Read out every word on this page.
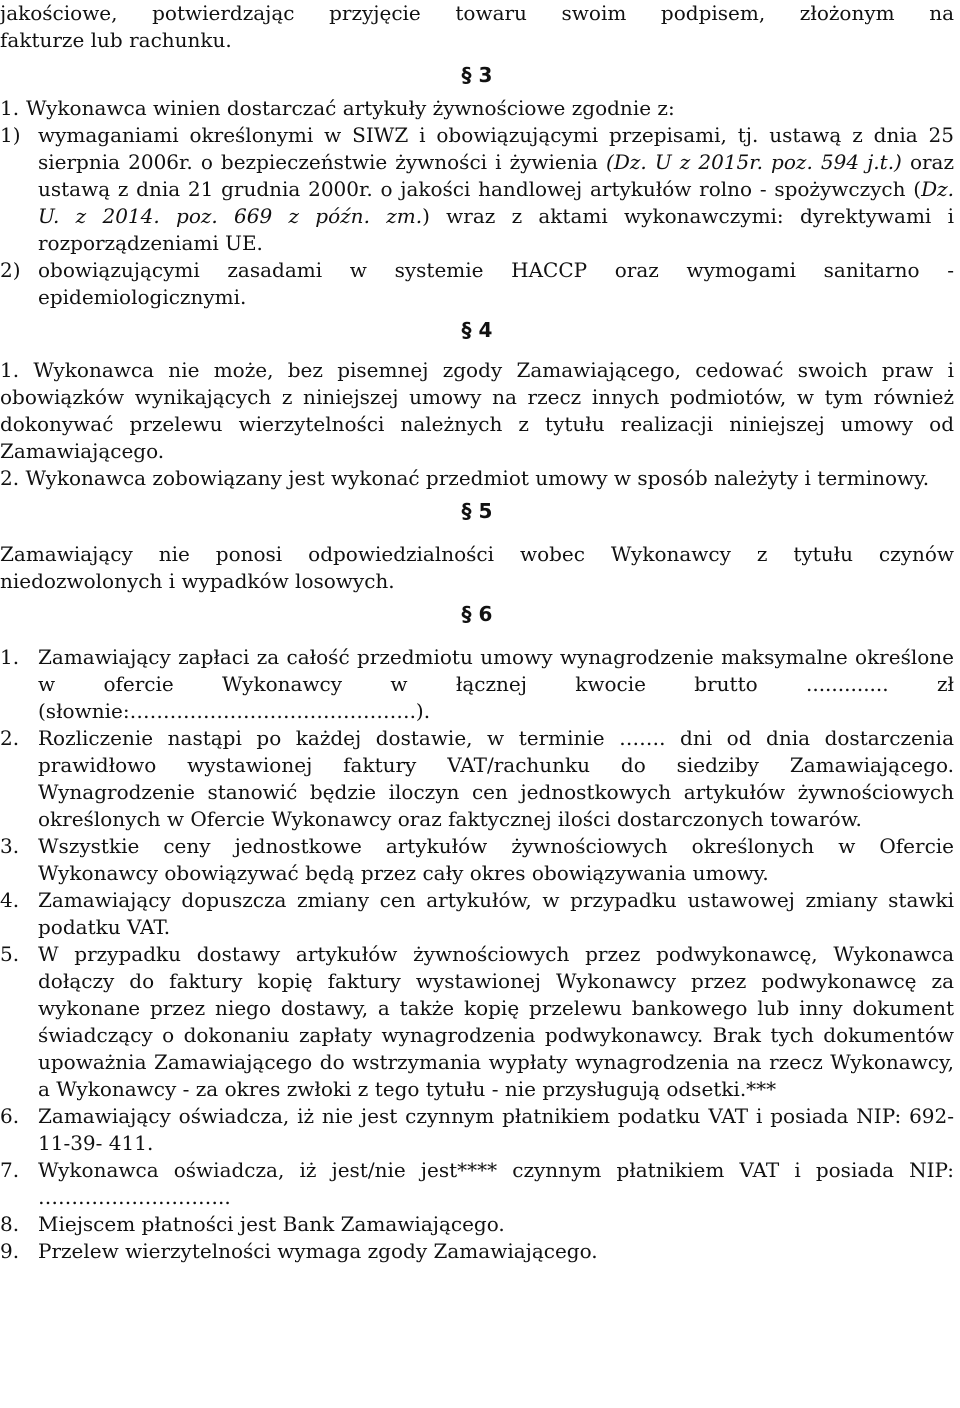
jakościowe, potwierdzając przyjęcie towaru swoim podpisem, złożonym na

fakturze lub rachunku.

§ 3
1. Wykonawca winien dostarczać artykuły żywnościowe zgodnie z:
1) wymaganiami określonymi w SIWZ i obowiązującymi przepisami, tj. ustawą z dnia 25 sierpnia 2006r. o bezpieczeństwie żywności i żywienia (Dz. U z 2015r. poz. 594 j.t.) oraz ustawą z dnia 21 grudnia 2000r. o jakości handlowej artykułów rolno - spożywczych (Dz. U. z 2014. poz. 669 z późn. zm.) wraz z aktami wykonawczymi: dyrektywami i rozporządzeniami UE.
2) obowiązującymi zasadami w systemie HACCP oraz wymogami sanitarno - epidemiologicznymi.
§ 4
1. Wykonawca nie może, bez pisemnej zgody Zamawiającego, cedować swoich praw i obowiązków wynikających z niniejszej umowy na rzecz innych podmiotów, w tym również dokonywać przelewu wierzytelności należnych z tytułu realizacji niniejszej umowy od Zamawiającego.
2. Wykonawca zobowiązany jest wykonać przedmiot umowy w sposób należyty i terminowy.
§ 5

Zamawiający nie ponosi odpowiedzialności wobec Wykonawcy z tytułu czynów niedozwolonych i wypadków losowych.

§ 6
1. Zamawiający zapłaci za całość przedmiotu umowy wynagrodzenie maksymalne określone w ofercie Wykonawcy w łącznej kwocie brutto ............. zł (słownie:…………………………………….).
2. Rozliczenie nastąpi po każdej dostawie, w terminie ……. dni od dnia dostarczenia prawidłowo wystawionej faktury VAT/rachunku do siedziby Zamawiającego. Wynagrodzenie stanowić będzie iloczyn cen jednostkowych artykułów żywnościowych określonych w Ofercie Wykonawcy oraz faktycznej ilości dostarczonych towarów.
3. Wszystkie ceny jednostkowe artykułów żywnościowych określonych w Ofercie Wykonawcy obowiązywać będą przez cały okres obowiązywania umowy.
4. Zamawiający dopuszcza zmiany cen artykułów, w przypadku ustawowej zmiany stawki podatku VAT.
5. W przypadku dostawy artykułów żywnościowych przez podwykonawcę, Wykonawca dołączy do faktury kopię faktury wystawionej Wykonawcy przez podwykonawcę za wykonane przez niego dostawy, a także kopię przelewu bankowego lub inny dokument świadczący o dokonaniu zapłaty wynagrodzenia podwykonawcy. Brak tych dokumentów upoważnia Zamawiającego do wstrzymania wypłaty wynagrodzenia na rzecz Wykonawcy, a Wykonawcy - za okres zwłoki z tego tytułu - nie przysługują odsetki.***
6. Zamawiający oświadcza, iż nie jest czynnym płatnikiem podatku VAT i posiada NIP: 692-11-39- 411.
7. Wykonawca oświadcza, iż jest/nie jest**** czynnym płatnikiem VAT i posiada NIP: ………………………..
8. Miejscem płatności jest Bank Zamawiającego.
9. Przelew wierzytelności wymaga zgody Zamawiającego.
